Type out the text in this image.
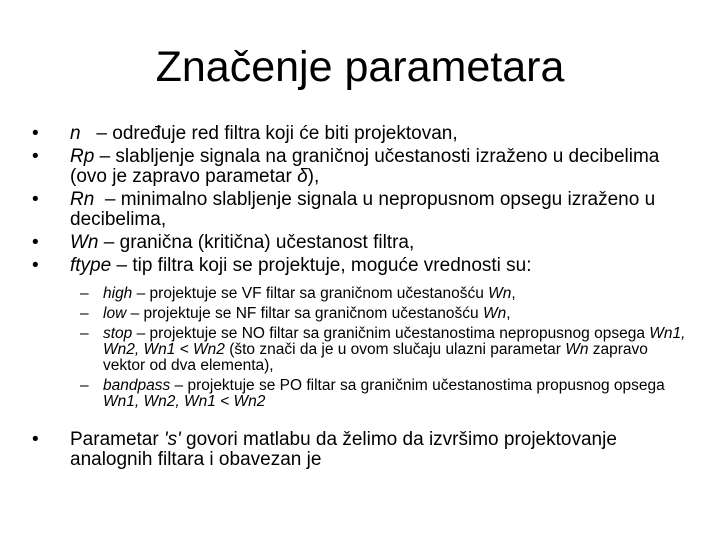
Značenje parametara
•	n – određuje red filtra koji će biti projektovan,
•	Rp – slabljenje signala na graničnoj učestanosti izraženo u decibelima (ovo je zapravo parametar δ),
•	Rn  – minimalno slabljenje signala u nepropusnom opsegu izraženo u decibelima,
•	Wn – granična (kritična) učestanost filtra,
•	ftype – tip filtra koji se projektuje, moguće vrednosti su:
– high – projektuje se VF filtar sa graničnom učestanošću Wn,
– low – projektuje se NF filtar sa graničnom učestanošću Wn,
– stop – projektuje se NO filtar sa graničnim učestanostima nepropusnog opsega Wn1, Wn2, Wn1 < Wn2 (što znači da je u ovom slučaju ulazni parametar Wn zapravo vektor od dva elementa),
– bandpass – projektuje se PO filtar sa graničnim učestanostima propusnog opsega Wn1, Wn2, Wn1 < Wn2
•	Parametar 's' govori matlabu da želimo da izvršimo projektovanje analognih filtara i obavezan je
